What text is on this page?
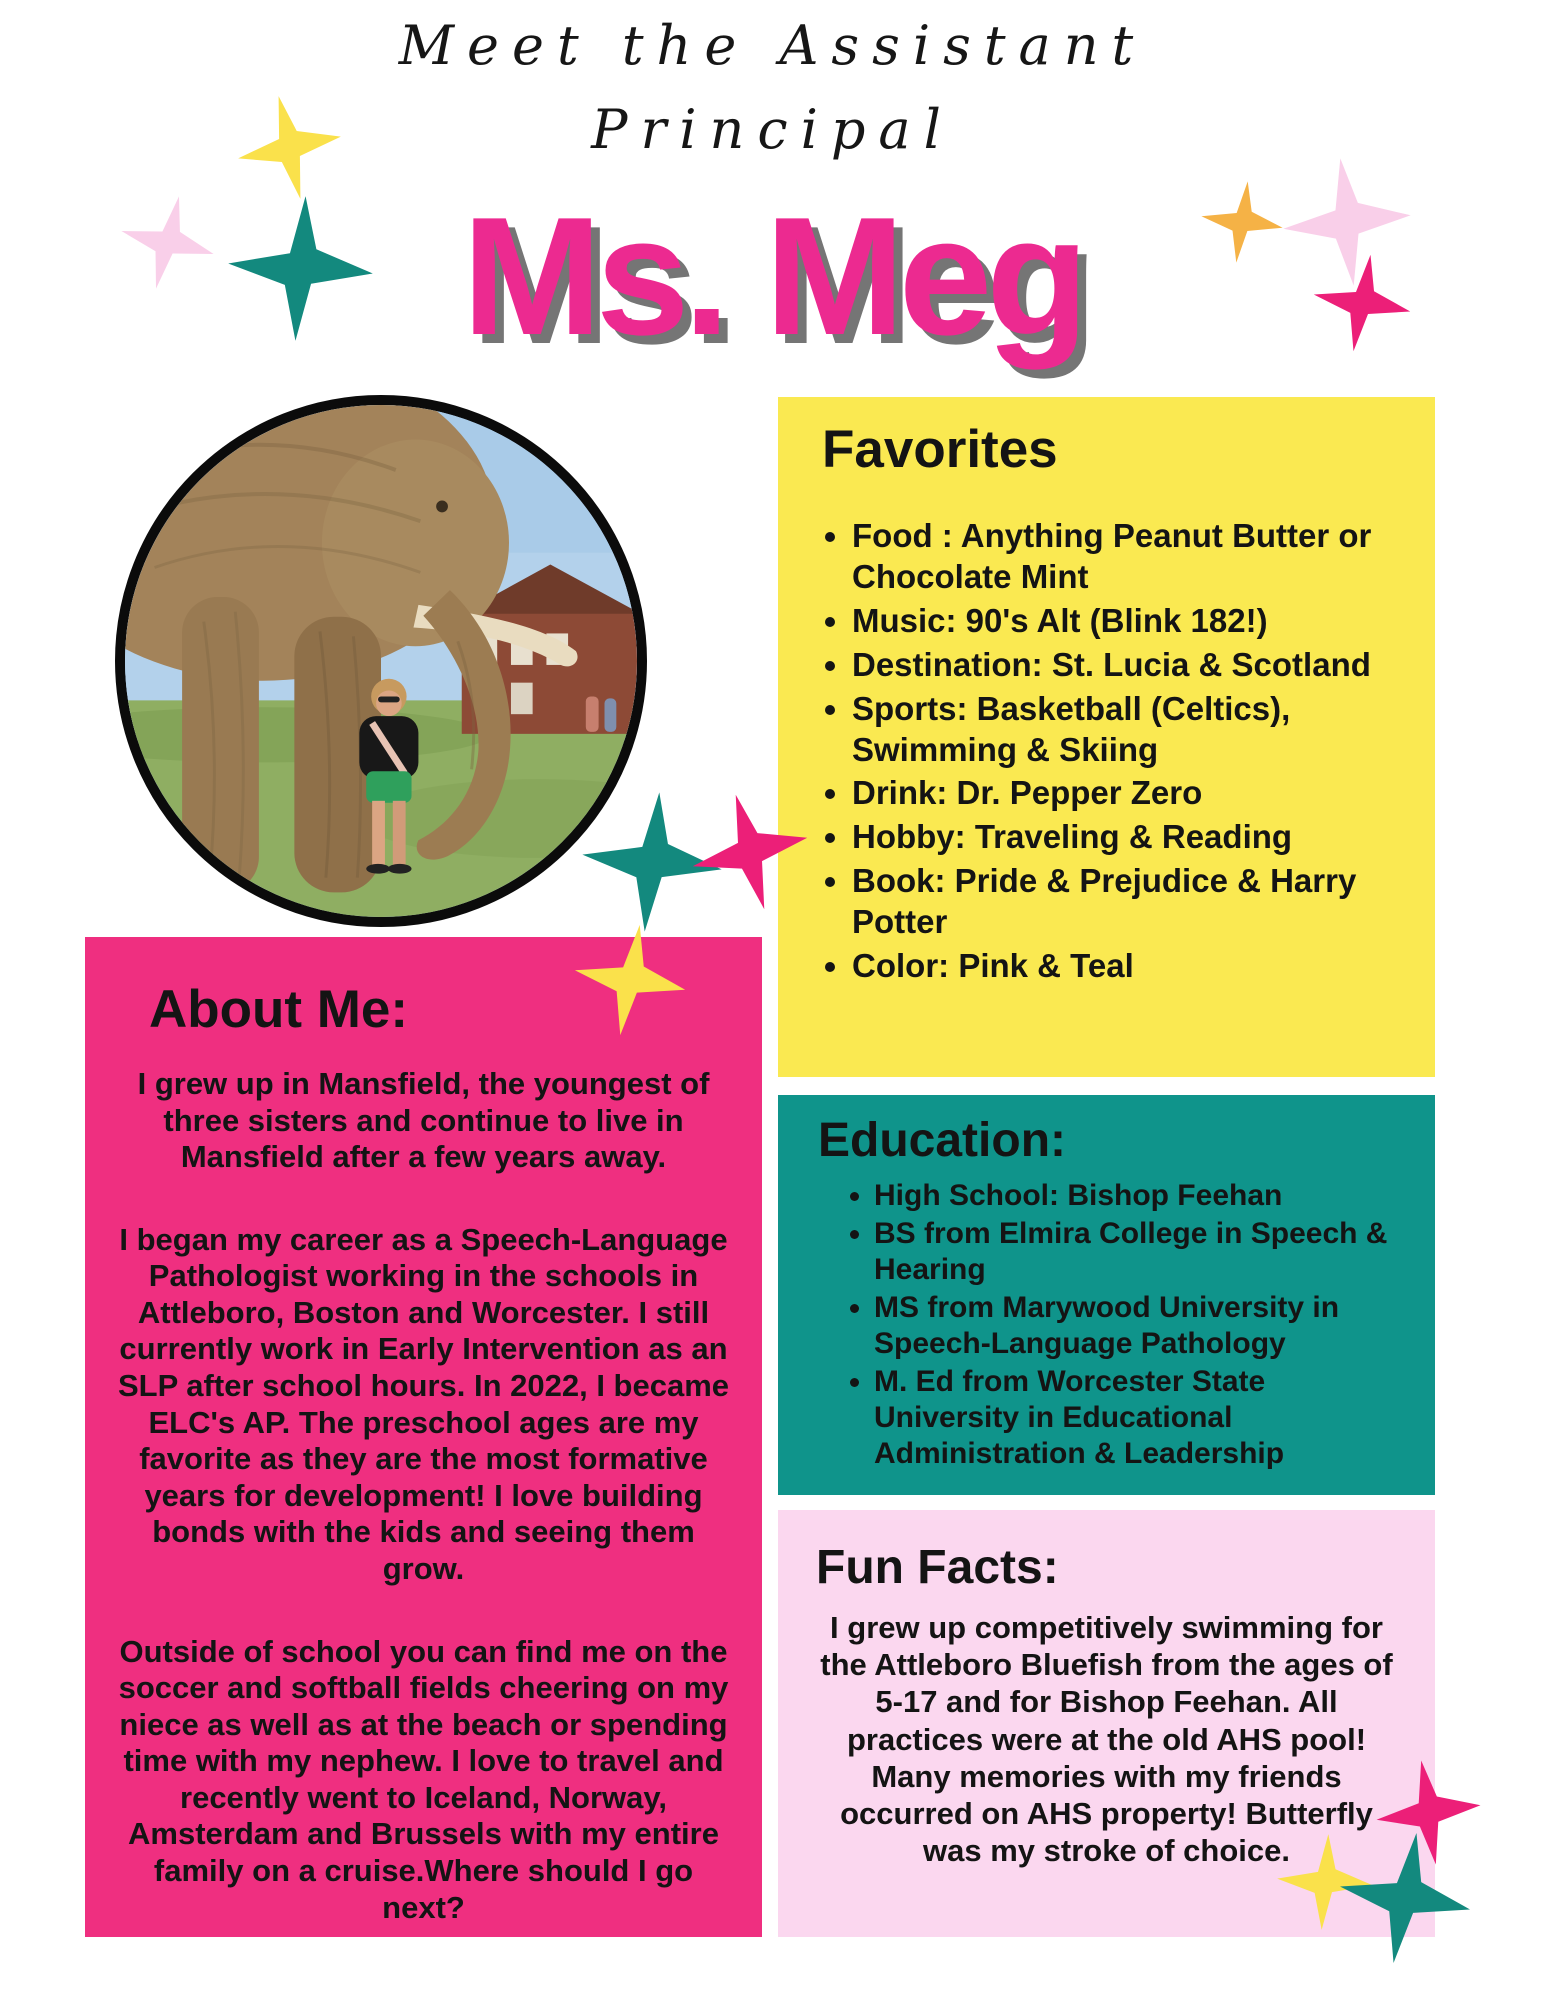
Meet the Assistant
Principal
Ms. Meg
Favorites
• Food : Anything Peanut Butter or Chocolate Mint
• Music: 90's Alt (Blink 182!)
• Destination: St. Lucia & Scotland
• Sports: Basketball (Celtics), Swimming & Skiing
• Drink: Dr. Pepper Zero
• Hobby: Traveling & Reading
• Book: Pride & Prejudice & Harry Potter
• Color: Pink & Teal
About Me:

I grew up in Mansfield, the youngest of three sisters and continue to live in Mansfield after a few years away.

I began my career as a Speech-Language Pathologist working in the schools in Attleboro, Boston and Worcester. I still currently work in Early Intervention as an SLP after school hours. In 2022, I became ELC's AP. The preschool ages are my favorite as they are the most formative years for development! I love building bonds with the kids and seeing them grow.

Outside of school you can find me on the soccer and softball fields cheering on my niece as well as at the beach or spending time with my nephew. I love to travel and recently went to Iceland, Norway, Amsterdam and Brussels with my entire family on a cruise.Where should I go next?

Education:
• High School: Bishop Feehan
• BS from Elmira College in Speech & Hearing
• MS from Marywood University in Speech-Language Pathology
• M. Ed from Worcester State University in Educational Administration & Leadership
Fun Facts:

I grew up competitively swimming for the Attleboro Bluefish from the ages of 5-17 and for Bishop Feehan. All practices were at the old AHS pool! Many memories with my friends occurred on AHS property! Butterfly was my stroke of choice.
